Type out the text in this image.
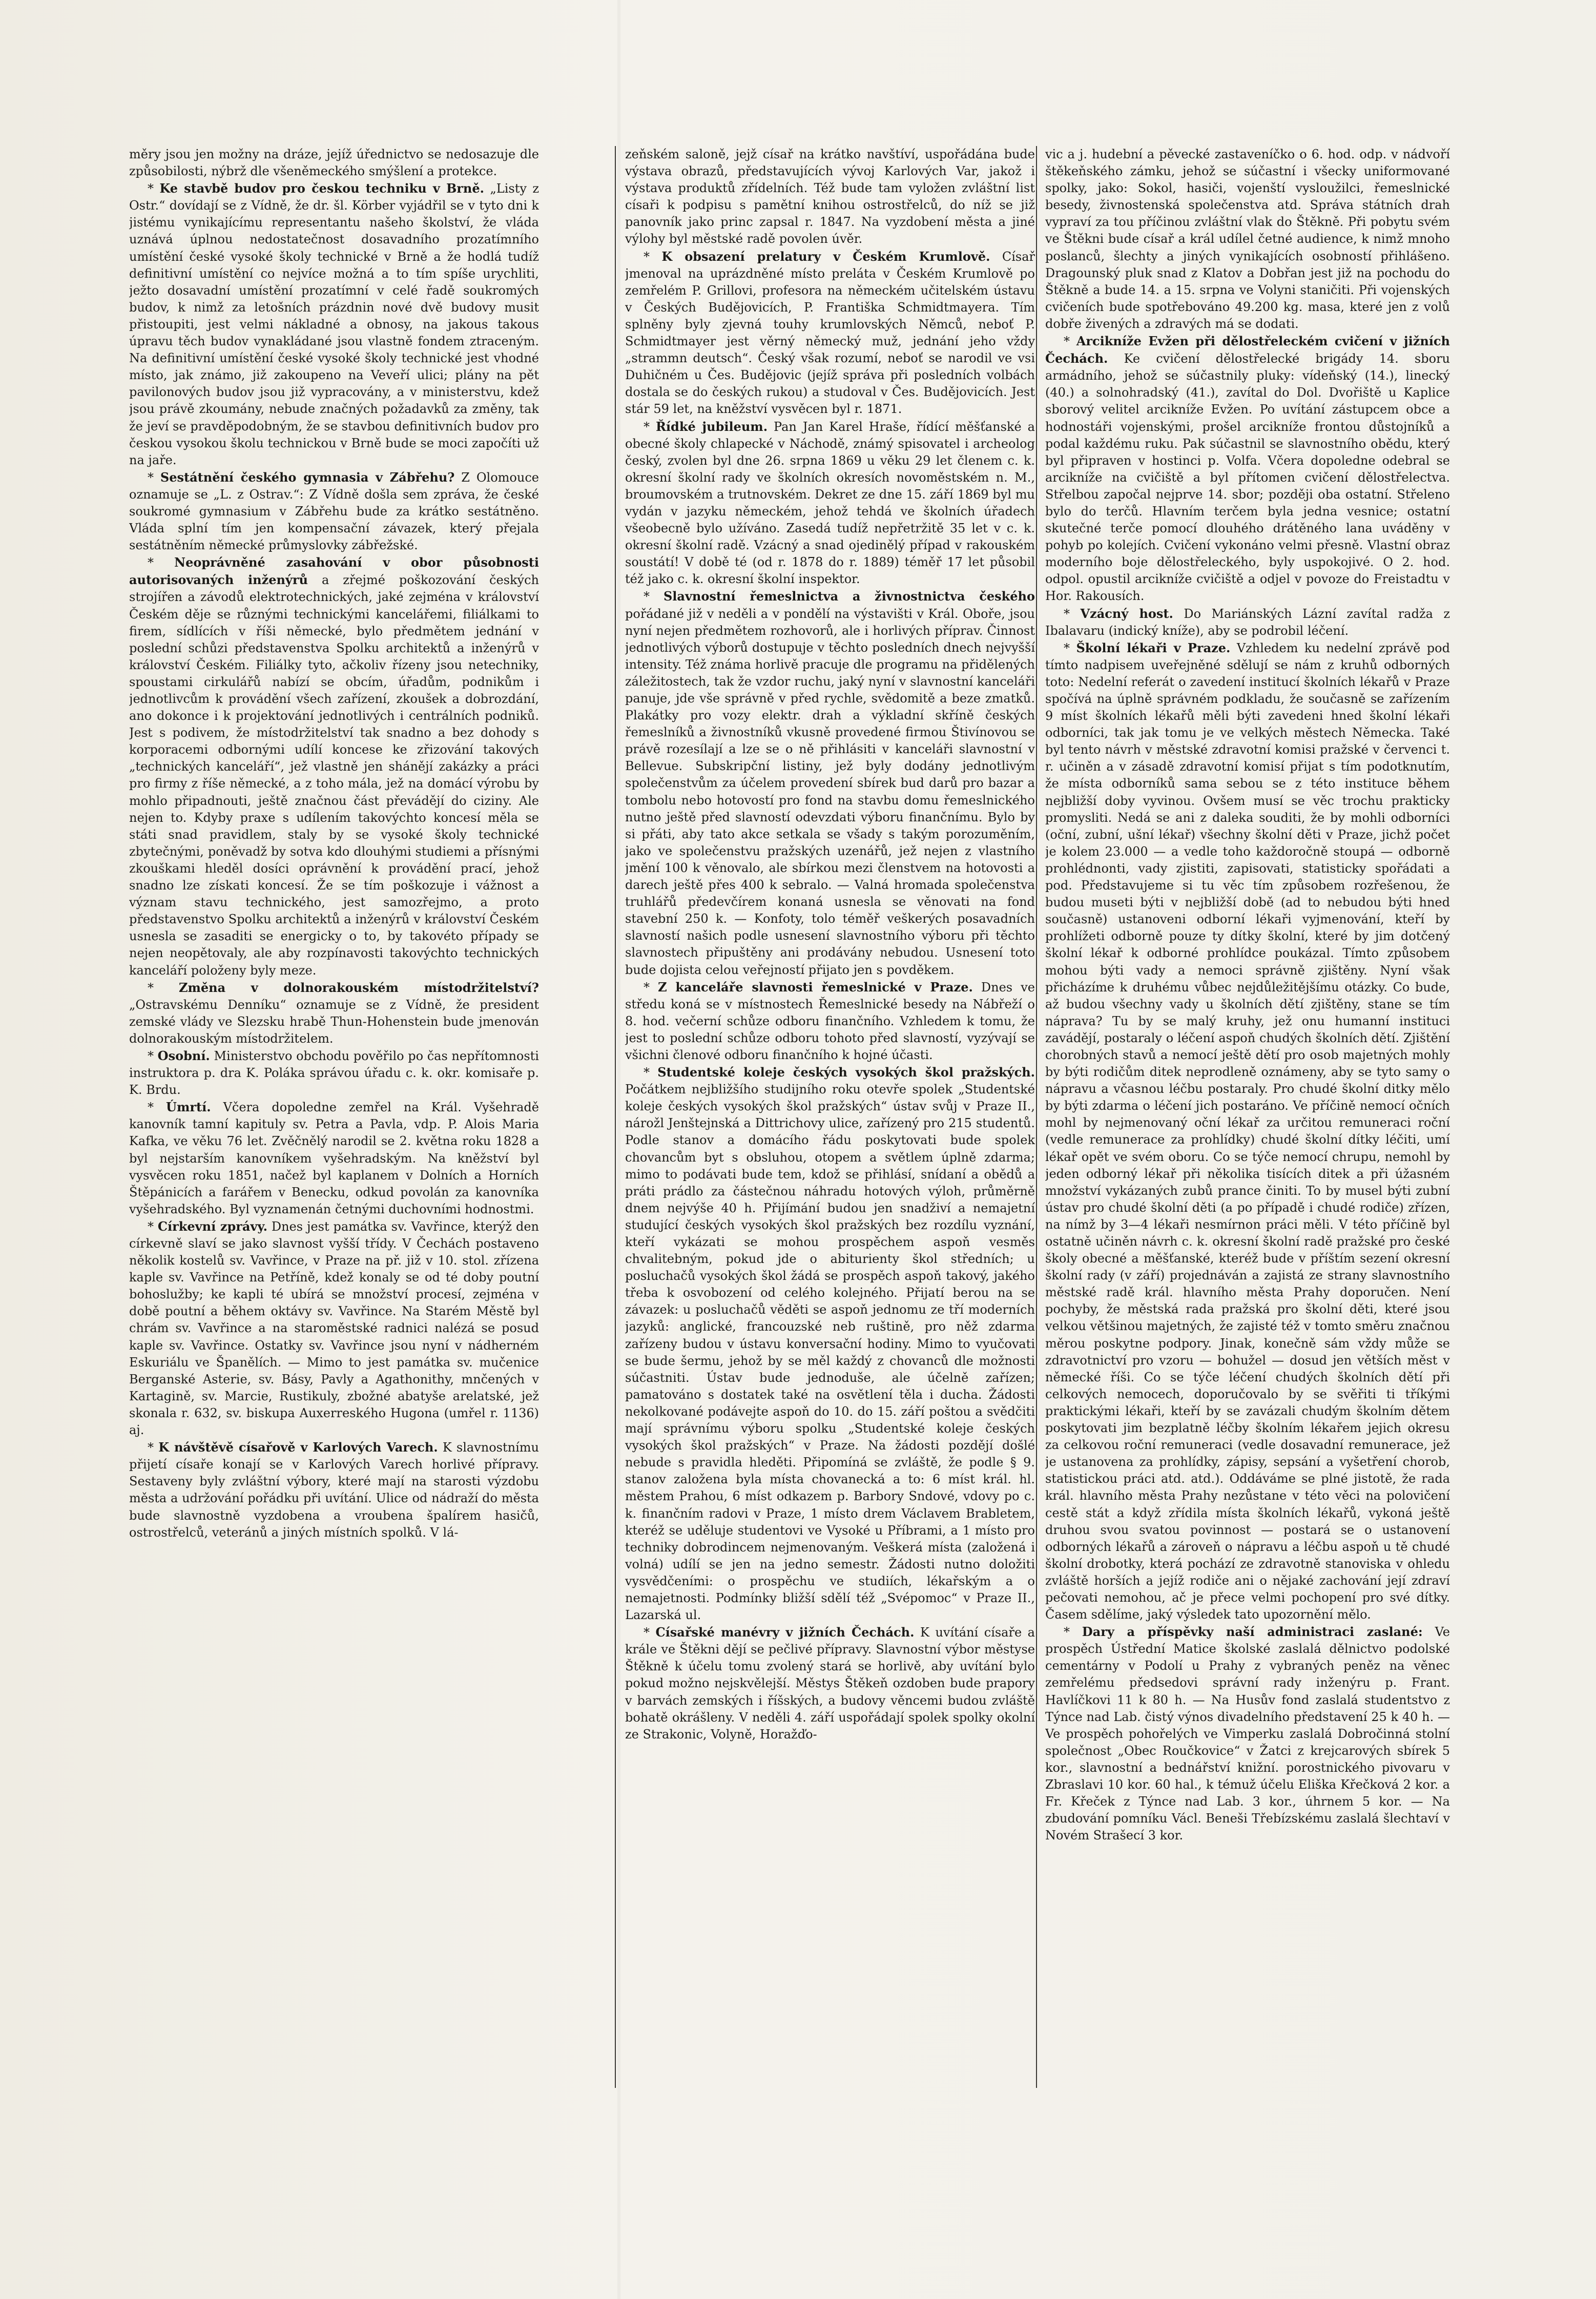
měry jsou jen možny na dráze, jejíž úřednictvo se nedosazuje dle způsobilosti, nýbrž dle všeněmeckého smýšlení a protekce.

* Ke stavbě budov pro českou techniku v Brně. „Listy z Ostr.“ dovídají se z Vídně, že dr. šl. Körber vyjádřil se v tyto dni k jistému vynikajícímu representantu našeho školství, že vláda uznává úplnou nedostatečnost dosavadního prozatímního umístění české vysoké školy technické v Brně a že hodlá tudíž definitivní umístění co nejvíce možná a to tím spíše urychliti, ježto dosavadní umístění prozatímní v celé řadě soukromých budov, k nimž za letošních prázdnin nové dvě budovy musit přistoupiti, jest velmi nákladné a obnosy, na jakous takous úpravu těch budov vynakládané jsou vlastně fondem ztraceným. Na definitivní umístění české vysoké školy technické jest vhodné místo, jak známo, již zakoupeno na Veveří ulici; plány na pět pavilonových budov jsou již vypracovány, a v ministerstvu, kdež jsou právě zkoumány, nebude značných požadavků za změny, tak že jeví se pravděpodobným, že se stavbou definitivních budov pro českou vysokou školu technickou v Brně bude se moci započíti už na jaře.

* Sestátnění českého gymnasia v Zábřehu? Z Olomouce oznamuje se „L. z Ostrav.“: Z Vídně došla sem zpráva, že české soukromé gymnasium v Zábřehu bude za krátko sestátněno. Vláda splní tím jen kompensační závazek, který přejala sestátněním německé průmyslovky zábřežské.

* Neoprávněné zasahování v obor působnosti autorisovaných inženýrů a zřejmé poškozování českých strojířen a závodů elektrotechnických, jaké zejména v království Českém děje se různými technickými kancelářemi, filiálkami to firem, sídlících v říši německé, bylo předmětem jednání v poslední schůzi představenstva Spolku architektů a inženýrů v království Českém. Filiálky tyto, ačkoliv řízeny jsou netechniky, spoustami cirkulářů nabízí se obcím, úřadům, podnikům i jednotlivcům k provádění všech zařízení, zkoušek a dobrozdání, ano dokonce i k projektování jednotlivých i centrálních podniků. Jest s podivem, že místodržitelství tak snadno a bez dohody s korporacemi odbornými udílí koncese ke zřizování takových „technických kanceláří“, jež vlastně jen shánějí zakázky a práci pro firmy z říše německé, a z toho mála, jež na domácí výrobu by mohlo připadnouti, ještě značnou část převádějí do ciziny. Ale nejen to. Kdyby praxe s udílením takovýchto koncesí měla se státi snad pravidlem, staly by se vysoké školy technické zbytečnými, poněvadž by sotva kdo dlouhými studiemi a přísnými zkouškami hleděl dosíci oprávnění k provádění prací, jehož snadno lze získati koncesí. Že se tím poškozuje i vážnost a význam stavu technického, jest samozřejmo, a proto představenstvo Spolku architektů a inženýrů v království Českém usnesla se zasaditi se energicky o to, by takovéto případy se nejen neopětovaly, ale aby rozpínavosti takovýchto technických kanceláří položeny byly meze.

* Změna v dolnorakouském místodržitelství? „Ostravskému Denníku“ oznamuje se z Vídně, že president zemské vlády ve Slezsku hrabě Thun-Hohenstein bude jmenován dolnorakouským místodržitelem.

* Osobní. Ministerstvo obchodu pověřilo po čas nepřítomnosti instruktora p. dra K. Poláka správou úřadu c. k. okr. komisaře p. K. Brdu.

* Úmrtí. Včera dopoledne zemřel na Král. Vyšehradě kanovník tamní kapituly sv. Petra a Pavla, vdp. P. Alois Maria Kafka, ve věku 76 let. Zvěčnělý narodil se 2. května roku 1828 a byl nejstarším kanovníkem vyšehradským. Na kněžství byl vysvěcen roku 1851, načež byl kaplanem v Dolních a Horních Štěpánicích a farářem v Benecku, odkud povolán za kanovníka vyšehradského. Byl vyznamenán četnými duchovními hodnostmi.

* Církevní zprávy. Dnes jest památka sv. Vavřince, kterýž den církevně slaví se jako slavnost vyšší třídy. V Čechách postaveno několik kostelů sv. Vavřince, v Praze na př. již v 10. stol. zřízena kaple sv. Vavřince na Petříně, kdež konaly se od té doby poutní bohoslužby; ke kapli té ubírá se množství procesí, zejména v době poutní a během oktávy sv. Vavřince. Na Starém Městě byl chrám sv. Vavřince a na staroměstské radnici nalézá se posud kaple sv. Vavřince. Ostatky sv. Vavřince jsou nyní v nádherném Eskuriálu ve Španělích. — Mimo to jest památka sv. mučenice Berganské Asterie, sv. Básy, Pavly a Agathonithy, mnčených v Kartagině, sv. Marcie, Rustikuly, zbožné abatyše arelatské, jež skonala r. 632, sv. biskupa Auxerreského Hugona (umřel r. 1136) aj.

* K návštěvě císařově v Karlových Varech. K slavnostnímu přijetí císaře konají se v Karlových Varech horlivé přípravy. Sestaveny byly zvláštní výbory, které mají na starosti výzdobu města a udržování pořádku při uvítání. Ulice od nádraží do města bude slavnostně vyzdobena a vroubena špalírem hasičů, ostrostřelců, veteránů a jiných místních spolků. V lá-

zeňském saloně, jejž císař na krátko navštíví, uspořádána bude výstava obrazů, představujících vývoj Karlových Var, jakož i výstava produktů zřídelních. Též bude tam vyložen zvláštní list císaři k podpisu s pamětní knihou ostrostřelců, do níž se již panovník jako princ zapsal r. 1847. Na vyzdobení města a jiné výlohy byl městské radě povolen úvěr.

* K obsazení prelatury v Českém Krumlově. Císař jmenoval na uprázdněné místo preláta v Českém Krumlově po zemřelém P. Grillovi, profesora na německém učitelském ústavu v Českých Budějovicích, P. Františka Schmidtmayera. Tím splněny byly zjevná touhy krumlovských Němců, neboť P. Schmidtmayer jest věrný německý muž, jednání jeho vždy „strammn deutsch“. Český však rozumí, neboť se narodil ve vsi Duhičném u Čes. Budějovic (jejíž správa při posledních volbách dostala se do českých rukou) a studoval v Čes. Budějovicích. Jest stár 59 let, na kněžství vysvěcen byl r. 1871.

* Řídké jubileum. Pan Jan Karel Hraše, řídící měšťanské a obecné školy chlapecké v Náchodě, známý spisovatel i archeolog český, zvolen byl dne 26. srpna 1869 u věku 29 let členem c. k. okresní školní rady ve školních okresích novoměstském n. M., broumovském a trutnovském. Dekret ze dne 15. září 1869 byl mu vydán v jazyku německém, jehož tehdá ve školních úřadech všeobecně bylo užíváno. Zasedá tudíž nepřetržitě 35 let v c. k. okresní školní radě. Vzácný a snad ojedinělý případ v rakouském soustátí! V době té (od r. 1878 do r. 1889) téměř 17 let působil též jako c. k. okresní školní inspektor.

* Slavnostní řemeslnictva a živnostnictva českého pořádané již v neděli a v pondělí na výstavišti v Král. Oboře, jsou nyní nejen předmětem rozhovorů, ale i horlivých příprav. Činnost jednotlivých výborů dostupuje v těchto posledních dnech nejvyšší intensity. Též známa horlivě pracuje dle programu na přidělených záležitostech, tak že vzdor ruchu, jaký nyní v slavnostní kanceláři panuje, jde vše správně v před rychle, svědomitě a beze zmatků. Plakátky pro vozy elektr. drah a výkladní skříně českých řemeslníků a živnostníků vkusně provedené firmou Štivínovou se právě rozesílají a lze se o ně přihlásiti v kanceláři slavnostní v Bellevue. Subskripční listiny, jež byly dodány jednotlivým společenstvům za účelem provedení sbírek bud darů pro bazar a tombolu nebo hotovostí pro fond na stavbu domu řemeslnického nutno ještě před slavností odevzdati výboru finančnímu. Bylo by si přáti, aby tato akce setkala se všady s takým porozuměním, jako ve společenstvu pražských uzenářů, jež nejen z vlastního jmění 100 k věnovalo, ale sbírkou mezi členstvem na hotovosti a darech ještě přes 400 k sebralo. — Valná hromada společenstva truhlářů předevčírem konaná usnesla se věnovati na fond stavební 250 k. — Konfoty, tolo téměř veškerých posavadních slavností našich podle usnesení slavnostního výboru při těchto slavnostech připuštěny ani prodávány nebudou. Usnesení toto bude dojista celou veřejností přijato jen s povděkem.

* Z kanceláře slavnosti řemeslnické v Praze. Dnes ve středu koná se v místnostech Řemeslnické besedy na Nábřeží o 8. hod. večerní schůze odboru finančního. Vzhledem k tomu, že jest to poslední schůze odboru tohoto před slavností, vyzývají se všichni členové odboru finančního k hojné účasti.

* Studentské koleje českých vysokých škol pražských. Počátkem nejbližšího studijního roku otevře spolek „Studentské koleje českých vysokých škol pražských“ ústav svůj v Praze II., nárožl Jenštejnská a Dittrichovy ulice, zařízený pro 215 studentů. Podle stanov a domácího řádu poskytovati bude spolek chovancům byt s obsluhou, otopem a světlem úplně zdarma; mimo to podávati bude tem, kdož se přihlásí, snídaní a obědů a práti prádlo za částečnou náhradu hotových výloh, průměrně dnem nejvýše 40 h. Přijímání budou jen snadživí a nemajetní studující českých vysokých škol pražských bez rozdílu vyznání, kteří vykázati se mohou prospěchem aspoň vesměs chvalitebným, pokud jde o abiturienty škol středních; u posluchačů vysokých škol žádá se prospěch aspoň takový, jakého třeba k osvobození od celého kolejného. Přijatí berou na se závazek: u posluchačů věděti se aspoň jednomu ze tří moderních jazyků: anglické, francouzské neb ruštině, pro něž zdarma zařízeny budou v ústavu konversační hodiny. Mimo to vyučovati se bude šermu, jehož by se měl každý z chovanců dle možnosti súčastniti. Ústav bude jednoduše, ale účelně zařízen; pamatováno s dostatek také na osvětlení těla i ducha. Žádosti nekolkované podávejte aspoň do 10. do 15. září poštou a svědčiti mají správnímu výboru spolku „Studentské koleje českých vysokých škol pražských“ v Praze. Na žádosti pozdějí došlé nebude s pravidla hleděti. Připomíná se zvláště, že podle § 9. stanov založena byla místa chovanecká a to: 6 míst král. hl. městem Prahou, 6 míst odkazem p. Barbory Sndové, vdovy po c. k. finančním radovi v Praze, 1 místo drem Václavem Brabletem, kteréž se uděluje studentovi ve Vysoké u Příbrami, a 1 místo pro techniky dobrodincem nejmenovaným. Veškerá místa (založená i volná) udílí se jen na jedno semestr. Žádosti nutno doložiti vysvědčeními: o prospěchu ve studiích, lékařským a o nemajetnosti. Podmínky bližší sdělí též „Svépomoc“ v Praze II., Lazarská ul.

* Císařské manévry v jižních Čechách. K uvítání císaře a krále ve Štěkni dějí se pečlivé přípravy. Slavnostní výbor městyse Štěkně k účelu tomu zvolený stará se horlivě, aby uvítání bylo pokud možno nejskvělejší. Městys Štěkeň ozdoben bude prapory v barvách zemských i říšských, a budovy věncemi budou zvláště bohatě okrášleny. V neděli 4. září uspořádají spolek spolky okolní ze Strakonic, Volyně, Horažďo-

vic a j. hudební a pěvecké zastaveníčko o 6. hod. odp. v nádvoří štěkeňského zámku, jehož se súčastní i všecky uniformované spolky, jako: Sokol, hasiči, vojenští vysloužilci, řemeslnické besedy, živnostenská společenstva atd. Správa státních drah vypraví za tou příčinou zvláštní vlak do Štěkně. Při pobytu svém ve Štěkni bude císař a král udílel četné audience, k nimž mnoho poslanců, šlechty a jiných vynikajících osobností přihlášeno. Dragounský pluk snad z Klatov a Dobřan jest již na pochodu do Štěkně a bude 14. a 15. srpna ve Volyni staničiti. Při vojenských cvičeních bude spotřebováno 49.200 kg. masa, které jen z volů dobře živených a zdravých má se dodati.

* Arcikníže Evžen při dělostřeleckém cvičení v jižních Čechách. Ke cvičení dělostřelecké brigády 14. sboru armádního, jehož se súčastnily pluky: vídeňský (14.), linecký (40.) a solnohradský (41.), zavítal do Dol. Dvořiště u Kaplice sborový velitel arcikníže Evžen. Po uvítání zástupcem obce a hodnostáři vojenskými, prošel arcikníže frontou důstojníků a podal každému ruku. Pak súčastnil se slavnostního obědu, který byl připraven v hostinci p. Volfa. Včera dopoledne odebral se arcikníže na cvičiště a byl přítomen cvičení dělostřelectva. Střelbou započal nejprve 14. sbor; později oba ostatní. Střeleno bylo do terčů. Hlavním terčem byla jedna vesnice; ostatní skutečné terče pomocí dlouhého drátěného lana uváděny v pohyb po kolejích. Cvičení vykonáno velmi přesně. Vlastní obraz moderního boje dělostřeleckého, byly uspokojivé. O 2. hod. odpol. opustil arcikníže cvičiště a odjel v povoze do Freistadtu v Hor. Rakousích.

* Vzácný host. Do Mariánských Lázní zavítal radža z Ibalavaru (indický kníže), aby se podrobil léčení.

* Školní lékaři v Praze. Vzhledem ku nedelní zprávě pod tímto nadpisem uveřejněné sdělují se nám z kruhů odborných toto: Nedelní referát o zavedení institucí školních lékařů v Praze spočívá na úplně správném podkladu, že současně se zařízením 9 míst školních lékařů měli býti zavedeni hned školní lékaři odborníci, tak jak tomu je ve velkých městech Německa. Také byl tento návrh v městské zdravotní komisi pražské v červenci t. r. učiněn a v zásadě zdravotní komisí přijat s tím podotknutím, že místa odborníků sama sebou se z této instituce během nejbližší doby vyvinou. Ovšem musí se věc trochu prakticky promysliti. Nedá se ani z daleka souditi, že by mohli odborníci (oční, zubní, ušní lékař) všechny školní děti v Praze, jichž počet je kolem 23.000 — a vedle toho každoročně stoupá — odborně prohlédnonti, vady zjistiti, zapisovati, statisticky spořádati a pod. Představujeme si tu věc tím způsobem rozřešenou, že budou museti býti v nejbližší době (ad to nebudou býti hned současně) ustanoveni odborní lékaři vyjmenování, kteří by prohlížeti odborně pouze ty dítky školní, které by jim dotčený školní lékař k odborné prohlídce poukázal. Tímto způsobem mohou býti vady a nemoci správně zjištěny. Nyní však přicházíme k druhému vůbec nejdůležitějšímu otázky. Co bude, až budou všechny vady u školních dětí zjištěny, stane se tím náprava? Tu by se malý kruhy, jež onu humanní instituci zavádějí, postaraly o léčení aspoň chudých školních dětí. Zjištění chorobných stavů a nemocí ještě dětí pro osob majetných mohly by býti rodičům ditek neprodleně oznámeny, aby se tyto samy o nápravu a včasnou léčbu postaraly. Pro chudé školní ditky mělo by býti zdarma o léčení jich postaráno. Ve příčině nemocí očních mohl by nejmenovaný oční lékař za určitou remuneraci roční (vedle remunerace za prohlídky) chudé školní dítky léčiti, umí lékař opět ve svém oboru. Co se týče nemocí chrupu, nemohl by jeden odborný lékař při několika tisících ditek a při úžasném množství vykázaných zubů prance činiti. To by musel býti zubní ústav pro chudé školní děti (a po případě i chudé rodiče) zřízen, na nímž by 3—4 lékaři nesmírnon práci měli. V této příčině byl ostatně učiněn návrh c. k. okresní školní radě pražské pro české školy obecné a měšťanské, kteréž bude v příštím sezení okresní školní rady (v září) projednáván a zajistá ze strany slavnostního městské radě král. hlavního města Prahy doporučen. Není pochyby, že městská rada pražská pro školní děti, které jsou velkou většinou majetných, že zajisté též v tomto směru značnou měrou poskytne podpory. Jinak, konečně sám vždy může se zdravotnictví pro vzoru — bohužel — dosud jen větších měst v německé říši. Co se týče léčení chudých školních dětí při celkových nemocech, doporučovalo by se svěřiti ti tříkými praktickými lékaři, kteří by se zavázali chudým školním dětem poskytovati jim bezplatně léčby školním lékařem jejich okresu za celkovou roční remuneraci (vedle dosavadní remunerace, jež je ustanovena za prohlídky, zápisy, sepsání a vyšetření chorob, statistickou práci atd. atd.). Oddáváme se plné jistotě, že rada král. hlavního města Prahy nezůstane v této věci na polovičení cestě stát a když zřídila místa školních lékařů, vykoná ještě druhou svou svatou povinnost — postará se o ustanovení odborných lékařů a zároveň o nápravu a léčbu aspoň u tě chudé školní drobotky, která pochází ze zdravotně stanoviska v ohledu zvláště horších a jejíž rodiče ani o nějaké zachování její zdraví pečovati nemohou, ač je přece velmi pochopení pro své dítky. Časem sdělíme, jaký výsledek tato upozornění mělo.

* Dary a příspěvky naší administraci zaslané: Ve prospěch Ústřední Matice školské zaslalá dělnictvo podolské cementárny v Podolí u Prahy z vybraných peněz na věnec zemřelému předsedovi správní rady inženýru p. Frant. Havlíčkovi 11 k 80 h. — Na Husův fond zaslalá studentstvo z Týnce nad Lab. čistý výnos divadelního představení 25 k 40 h. — Ve prospěch pohořelých ve Vimperku zaslalá Dobročinná stolní společnost „Obec Roučkovice“ v Žatci z krejcarových sbírek 5 kor., slavnostní a bednářství knižní. porostnického pivovaru v Zbraslavi 10 kor. 60 hal., k témuž účelu Eliška Křečková 2 kor. a Fr. Křeček z Týnce nad Lab. 3 kor., úhrnem 5 kor. — Na zbudování pomníku Václ. Beneši Třebízskému zaslalá šlechtaví v Novém Strašecí 3 kor.
